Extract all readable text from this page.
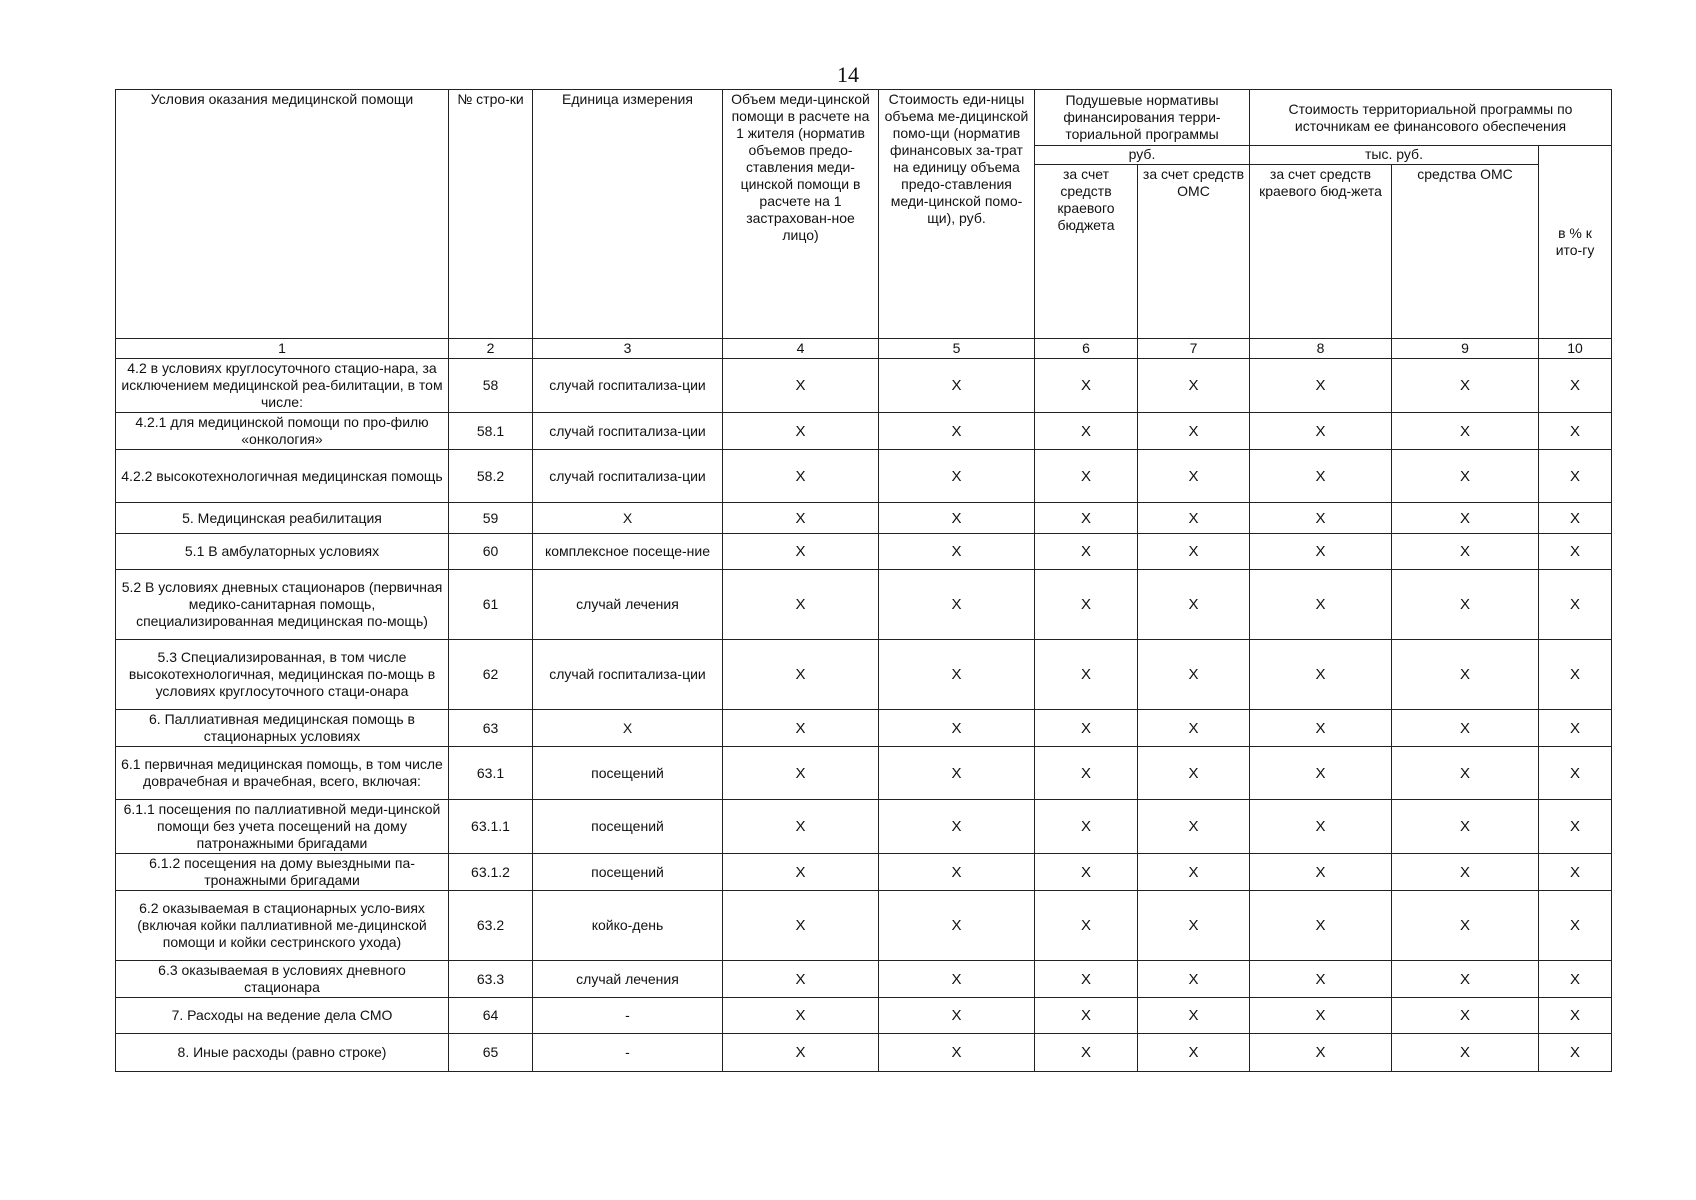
14
Условия оказания медицинской помощи	№ стро-ки	Единица измерения	Объем меди-цинской помощи в расчете на 1 жителя (норматив объемов предо-ставления меди-цинской помощи в расчете на 1 застрахован-ное лицо)	Стоимость еди-ницы объема ме-дицинской помо-щи (норматив финансовых за-трат на единицу объема предо-ставления меди-цинской помо-щи), руб.	Подушевые нормативы финансирования терри-ториальной программы		Стоимость территориальной программы по источникам ее финансового обеспечения		
					руб.		тыс. руб.		в % к ито-гу
					за счет средств краевого бюджета	за счет средств ОМС	за счет средств краевого бюд-жета	средства ОМС	
1	2	3	4	5	6	7	8	9	10
4.2 в условиях круглосуточного стацио-нара, за исключением медицинской реа-билитации, в том числе:	58	случай госпитализа-ции	Х	Х	Х	Х	Х	Х	Х
4.2.1 для медицинской помощи по про-филю «онкология»	58.1	случай госпитализа-ции	Х	Х	Х	Х	Х	Х	Х
4.2.2 высокотехнологичная медицинская помощь	58.2	случай госпитализа-ции	Х	Х	Х	Х	Х	Х	Х
5. Медицинская реабилитация	59	Х	Х	Х	Х	Х	Х	Х	Х
5.1 В амбулаторных условиях	60	комплексное посеще-ние	Х	Х	Х	Х	Х	Х	Х
5.2 В условиях дневных стационаров (первичная медико-санитарная помощь, специализированная медицинская по-мощь)	61	случай лечения	Х	Х	Х	Х	Х	Х	Х
5.3 Специализированная, в том числе высокотехнологичная, медицинская по-мощь в условиях круглосуточного стаци-онара	62	случай госпитализа-ции	Х	Х	Х	Х	Х	Х	Х
6. Паллиативная медицинская помощь в стационарных условиях	63	Х	Х	Х	Х	Х	Х	Х	Х
6.1 первичная медицинская помощь, в том числе доврачебная и врачебная, всего, включая:	63.1	посещений	Х	Х	Х	Х	Х	Х	Х
6.1.1 посещения по паллиативной меди-цинской помощи без учета посещений на дому патронажными бригадами	63.1.1	посещений	Х	Х	Х	Х	Х	Х	Х
6.1.2 посещения на дому выездными па-тронажными бригадами	63.1.2	посещений	Х	Х	Х	Х	Х	Х	Х
6.2 оказываемая в стационарных усло-виях (включая койки паллиативной ме-дицинской помощи и койки сестринского ухода)	63.2	койко-день	Х	Х	Х	Х	Х	Х	Х
6.3 оказываемая в условиях дневного стационара	63.3	случай лечения	Х	Х	Х	Х	Х	Х	Х
7. Расходы на ведение дела СМО	64	-	Х	Х	Х	Х	Х	Х	Х
8. Иные расходы (равно строке)	65	-	Х	Х	Х	Х	Х	Х	Х
